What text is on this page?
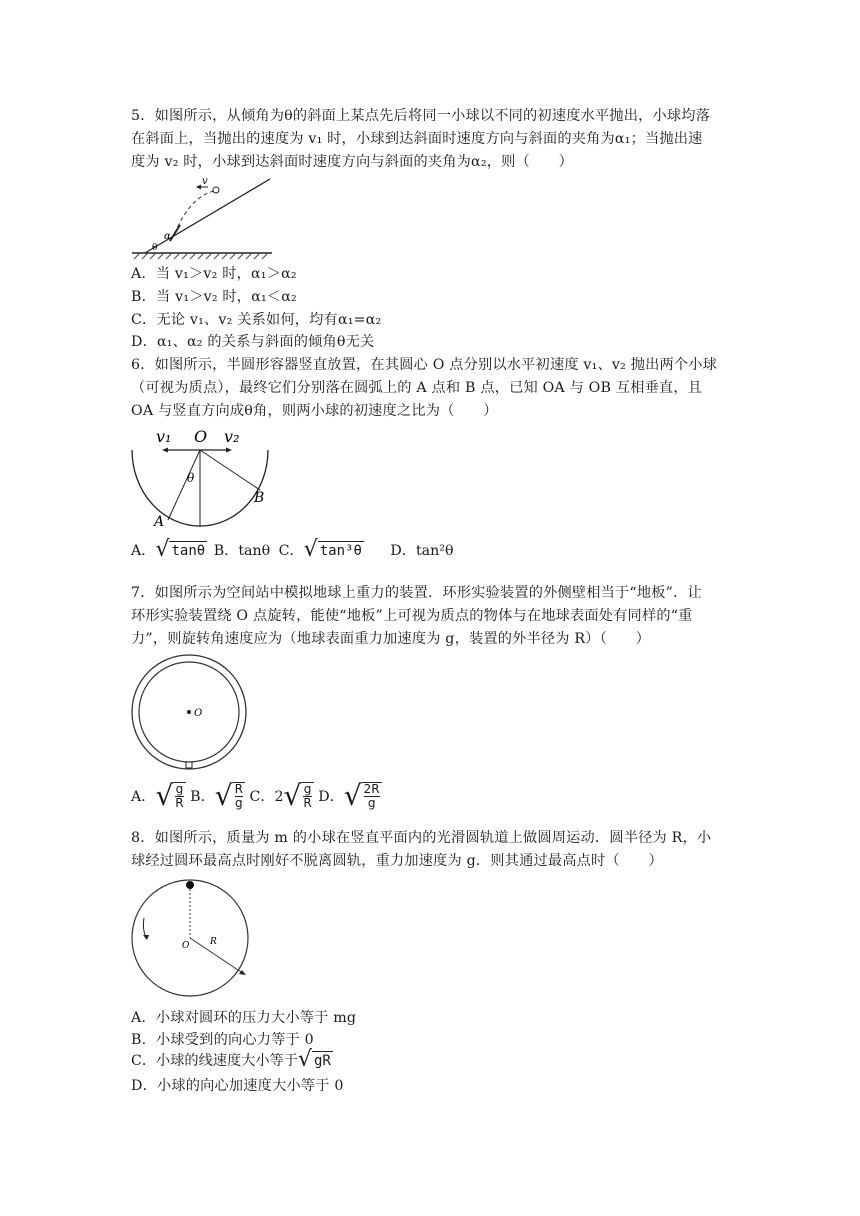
5．如图所示，从倾角为θ的斜面上某点先后将同一小球以不同的初速度水平抛出，小球均落
在斜面上，当抛出的速度为 v₁ 时，小球到达斜面时速度方向与斜面的夹角为α₁；当抛出速
度为 v₂ 时，小球到达斜面时速度方向与斜面的夹角为α₂，则（　　）
v
α
θ
A．当 v₁＞v₂ 时，α₁＞α₂
B．当 v₁＞v₂ 时，α₁＜α₂
C．无论 v₁、v₂ 关系如何，均有α₁=α₂
D．α₁、α₂ 的关系与斜面的倾角θ无关
6．如图所示，半圆形容器竖直放置，在其圆心 O 点分别以水平初速度 v₁、v₂ 抛出两个小球
（可视为质点），最终它们分别落在圆弧上的 A 点和 B 点，已知 OA 与 OB 互相垂直，且
OA 与竖直方向成θ角，则两小球的初速度之比为（　　）
v₁ O v₂
θ
A
B
A．√ tanθ B．tanθ C．√ tan³θ D．tan²θ
7．如图所示为空间站中模拟地球上重力的装置．环形实验装置的外侧壁相当于“地板”．让
环形实验装置绕 O 点旋转，能使“地板”上可视为质点的物体与在地球表面处有同样的“重
力”，则旋转角速度应为（地球表面重力加速度为 g，装置的外半径为 R）（　　）
O
A．√ $\frac{g}{R}$ B．√ $\frac{R}{g}$ C．$2√ \frac{g}{R}$ D．√ $\frac{2R}{g}$
8．如图所示，质量为 m 的小球在竖直平面内的光滑圆轨道上做圆周运动．圆半径为 R，小
球经过圆环最高点时刚好不脱离圆轨，重力加速度为 g．则其通过最高点时（　　）
O R
A．小球对圆环的压力大小等于 mg
B．小球受到的向心力等于 0
C．小球的线速度大小等于√ gR
D．小球的向心加速度大小等于 0
